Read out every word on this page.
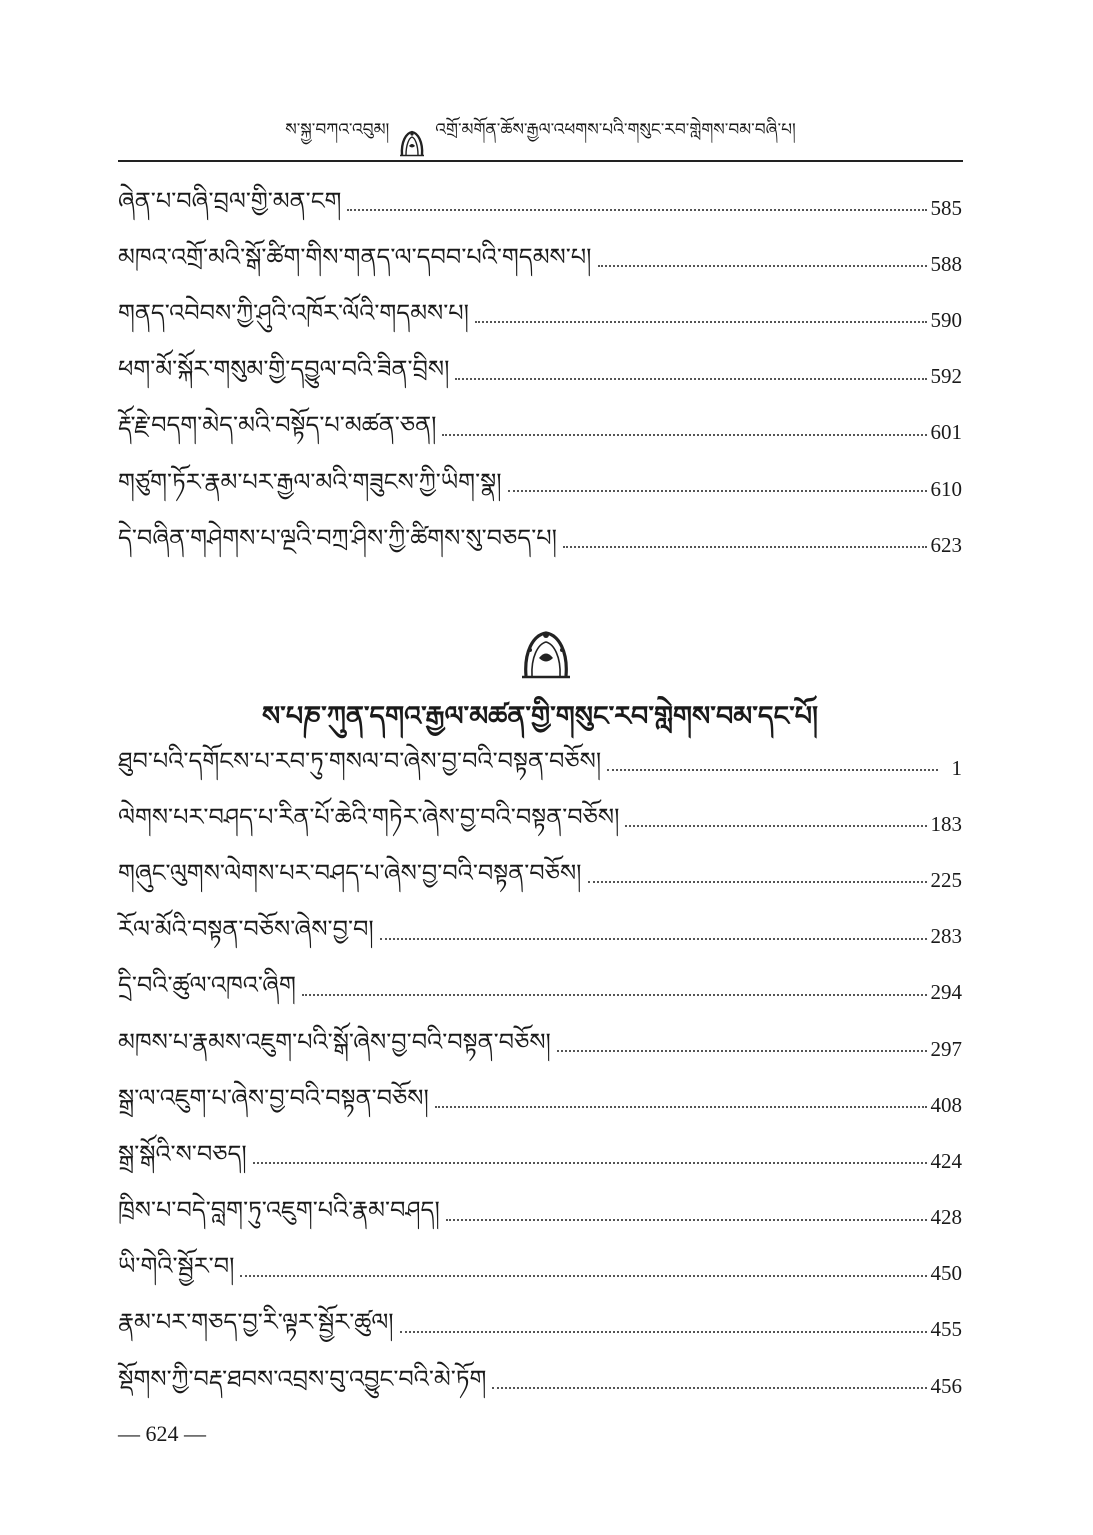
ས་སྐྱ་བཀའ་འབུམ།	འགྲོ་མགོན་ཆོས་རྒྱལ་འཕགས་པའི་གསུང་རབ་གླེགས་བམ་བཞི་པ།
ཞེན་པ་བཞི་བྲལ་གྱི་མན་ངག	585
མཁའ་འགྲོ་མའི་སྒོ་ཚིག་གིས་གནད་ལ་དབབ་པའི་གདམས་པ།	588
གནད་འབེབས་ཀྱི་ཤུའི་འཁོར་ལོའི་གདམས་པ།	590
ཕག་མོ་སྐོར་གསུམ་གྱི་དབྱུལ་བའི་ཟིན་བྲིས།	592
རྡོ་རྗེ་བདག་མེད་མའི་བསྟོད་པ་མཚན་ཅན།	601
གཙུག་ཏོར་རྣམ་པར་རྒྱལ་མའི་གཟུངས་ཀྱི་ཡིག་སྣ།	610
དེ་བཞིན་གཤེགས་པ་ལྔའི་བཀྲ་ཤིས་ཀྱི་ཚིགས་སུ་བཅད་པ།	623
ས་པཎ་ཀུན་དགའ་རྒྱལ་མཚན་གྱི་གསུང་རབ་གླེགས་བམ་དང་པོ།
ཐུབ་པའི་དགོངས་པ་རབ་ཏུ་གསལ་བ་ཞེས་བྱ་བའི་བསྟན་བཅོས།	1
ལེགས་པར་བཤད་པ་རིན་པོ་ཆེའི་གཏེར་ཞེས་བྱ་བའི་བསྟན་བཅོས།	183
གཞུང་ལུགས་ལེགས་པར་བཤད་པ་ཞེས་བྱ་བའི་བསྟན་བཅོས།	225
རོལ་མོའི་བསྟན་བཅོས་ཞེས་བྱ་བ།	283
དྲི་བའི་ཚུལ་འཁའ་ཞིག	294
མཁས་པ་རྣམས་འཇུག་པའི་སྒོ་ཞེས་བྱ་བའི་བསྟན་བཅོས།	297
སྒྲ་ལ་འཇུག་པ་ཞེས་བྱ་བའི་བསྟན་བཅོས།	408
སྒྲ་སྒོའི་ས་བཅད།	424
ཁྲིས་པ་བདེ་བླག་ཏུ་འཇུག་པའི་རྣམ་བཤད།	428
ཡི་གེའི་སྦྱོར་བ།	450
རྣམ་པར་གཅད་བྱ་རི་ལྟར་སྦྱོར་ཚུལ།	455
སྡོགས་ཀྱི་བརྡ་ཐབས་འབྲས་བུ་འབྱུང་བའི་མེ་ཏོག	456
— 624 —
